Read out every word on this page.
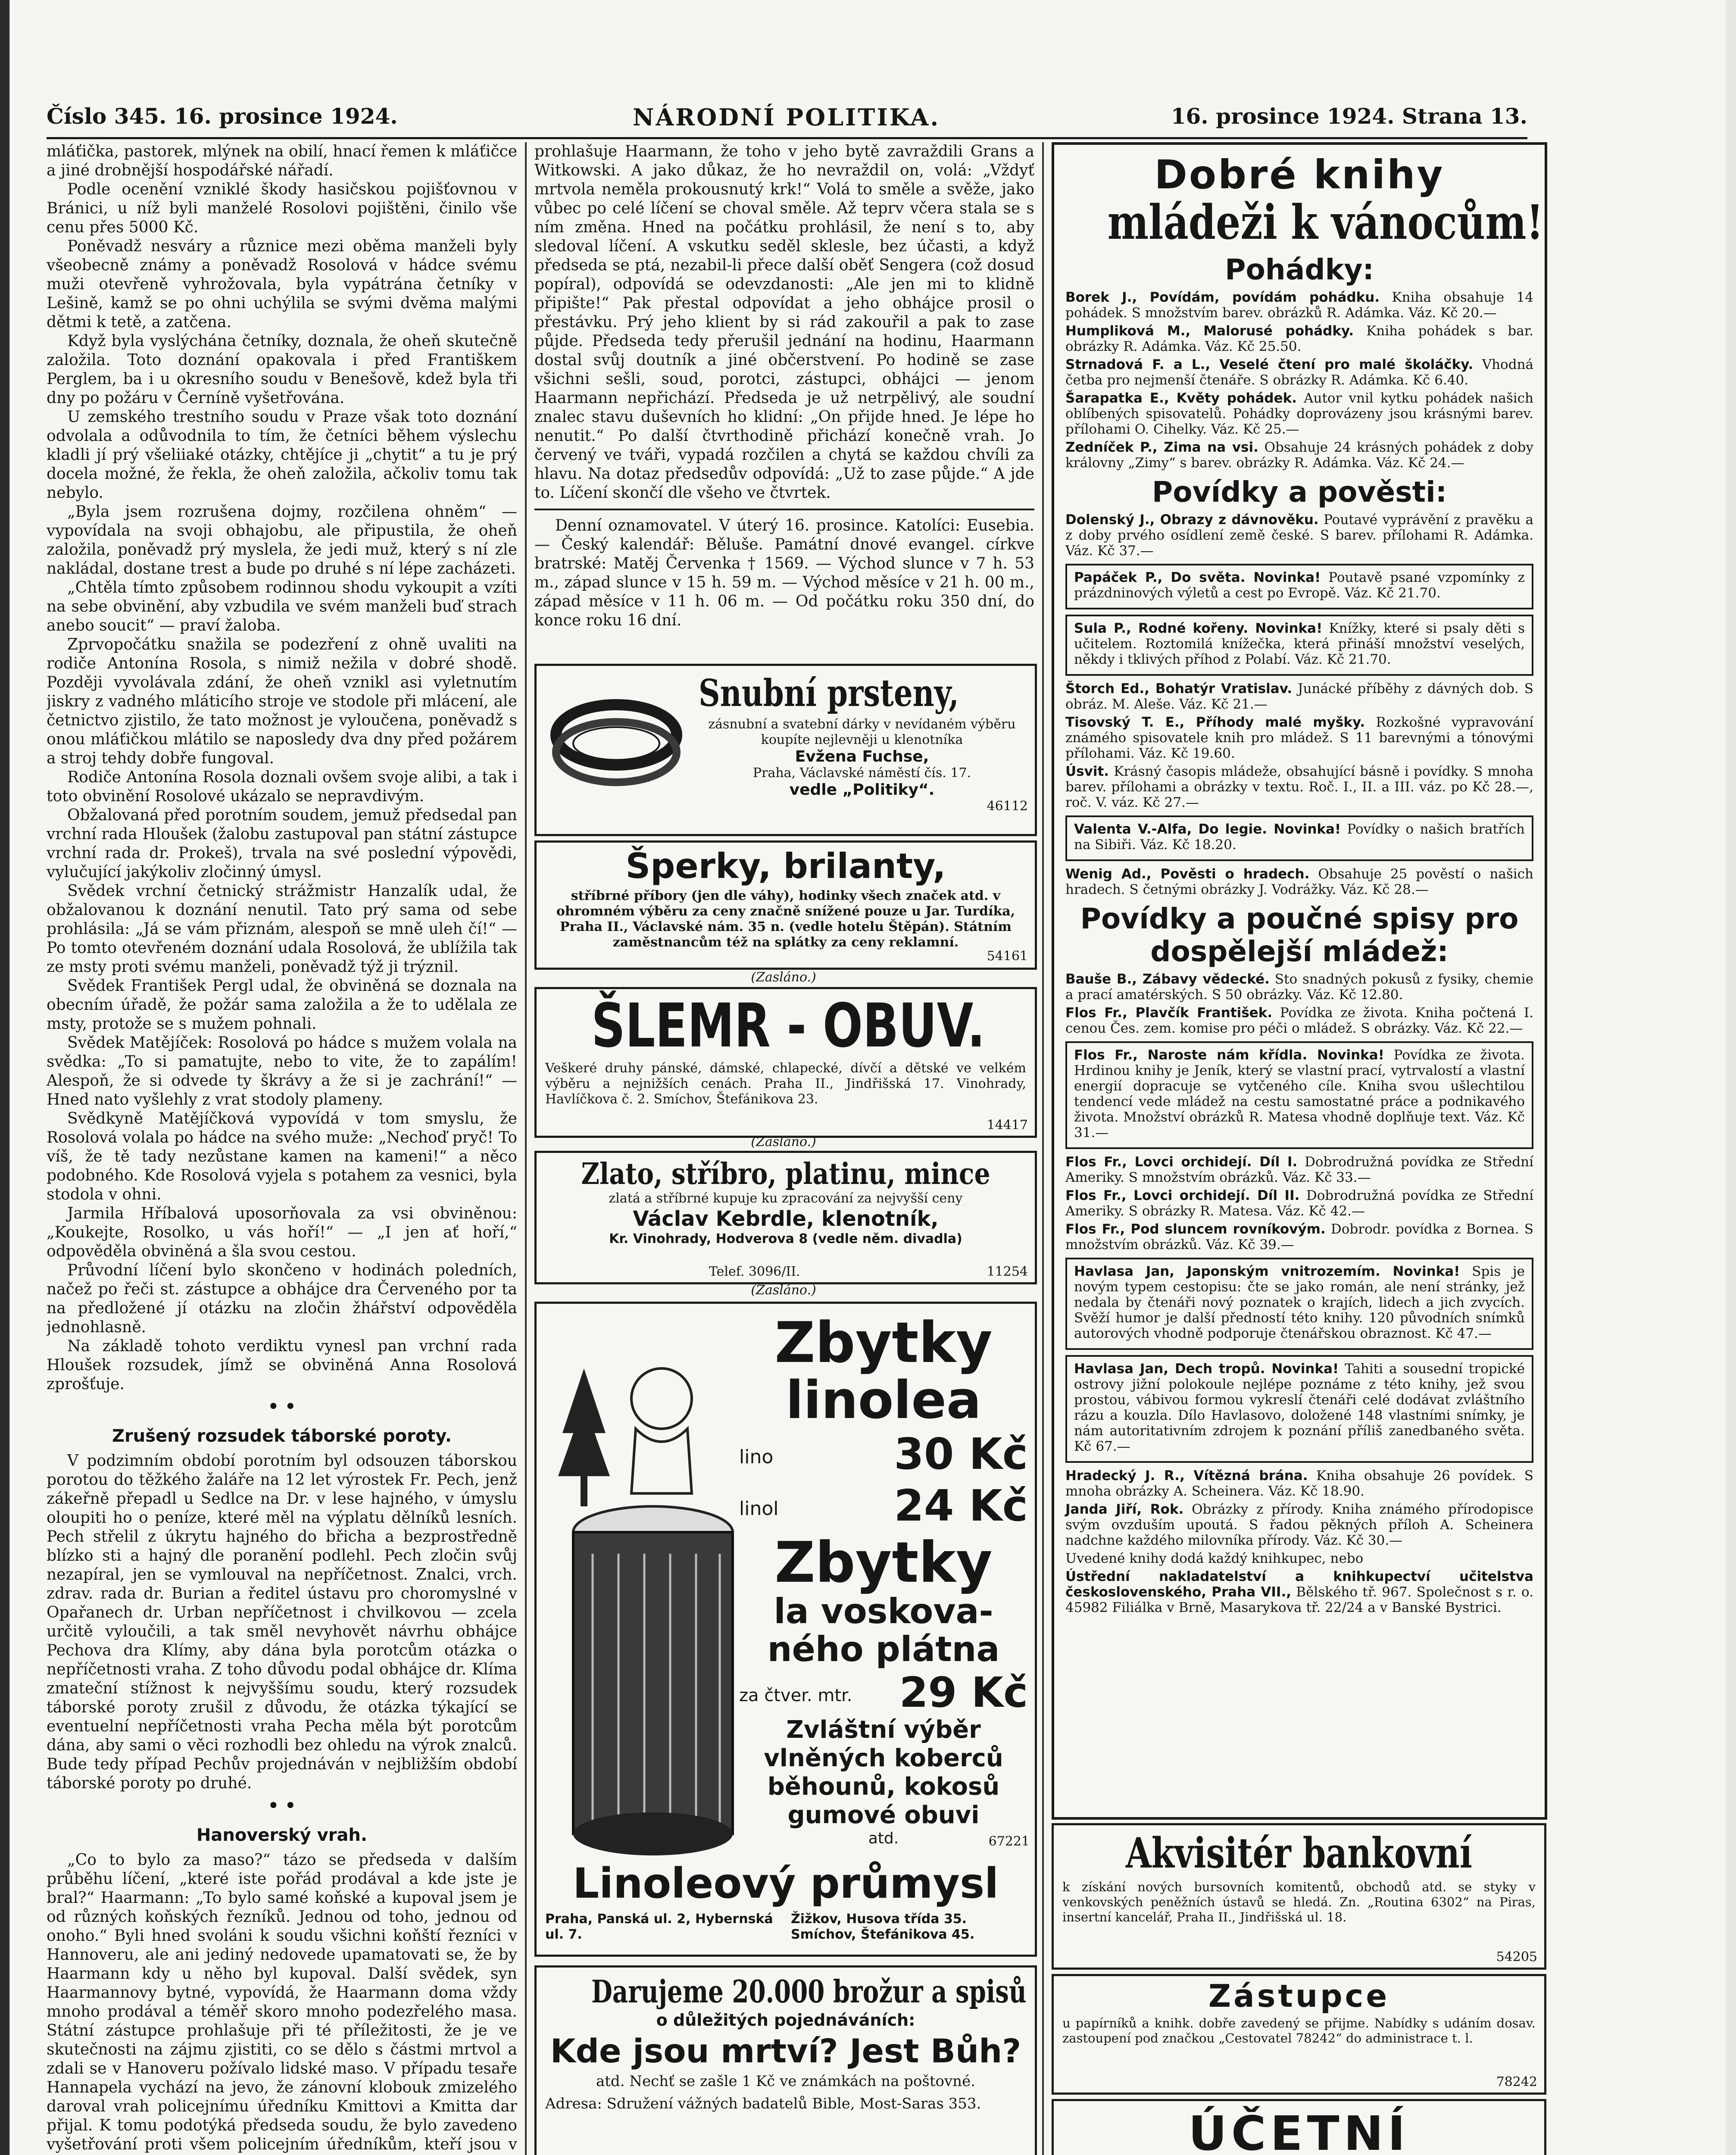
Číslo 345. 16. prosince 1924.	NÁRODNÍ POLITIKA.	16. prosince 1924. Strana 13.

mláťička, pastorek, mlýnek na obilí, hnací řemen k mláťičce a jiné drobnější hospodářské nářadí.

Podle ocenění vzniklé škody hasičskou pojišťovnou v Bránici, u níž byli manželé Rosolovi pojištěni, činilo vše cenu přes 5000 Kč.

Poněvadž nesváry a různice mezi oběma manželi byly všeobecně známy a poněvadž Rosolová v hádce svému muži otevřeně vyhrožovala, byla vypátrána četníky v Lešině, kamž se po ohni uchýlila se svými dvěma malými dětmi k tetě, a zatčena.

Když byla vyslýchána četníky, doznala, že oheň skutečně založila. Toto doznání opakovala i před Františkem Perglem, ba i u okresního soudu v Benešově, kdež byla tři dny po požáru v Černíně vyšetřována.

U zemského trestního soudu v Praze však toto doznání odvolala a odůvodnila to tím, že četníci během výslechu kladli jí prý všeliiaké otázky, chtějíce ji „chytit“ a tu je prý docela možné, že řekla, že oheň založila, ačkoliv tomu tak nebylo.

„Byla jsem rozrušena dojmy, rozčilena ohněm“ — vypovídala na svoji obhajobu, ale připustila, že oheň založila, poněvadž prý myslela, že jedi muž, který s ní zle nakládal, dostane trest a bude po druhé s ní lépe zacházeti.

„Chtěla tímto způsobem rodinnou shodu vykoupit a vzíti na sebe obvinění, aby vzbudila ve svém manželi buď strach anebo soucit“ — praví žaloba.

Zprvopočátku snažila se podezření z ohně uvaliti na rodiče Antonína Rosola, s nimiž nežila v dobré shodě. Později vyvolávala zdání, že oheň vznikl asi vyletnutím jiskry z vadného mláticího stroje ve stodole při mlácení, ale četnictvo zjistilo, že tato možnost je vyloučena, poněvadž s onou mláťičkou mlátilo se naposledy dva dny před požárem a stroj tehdy dobře fungoval.

Rodiče Antonína Rosola doznali ovšem svoje alibi, a tak i toto obvinění Rosolové ukázalo se nepravdivým.

Obžalovaná před porotním soudem, jemuž předsedal pan vrchní rada Hloušek (žalobu zastupoval pan státní zástupce vrchní rada dr. Prokeš), trvala na své poslední výpovědi, vylučující jakýkoliv zločinný úmysl.

Svědek vrchní četnický strážmistr Hanzalík udal, že obžalovanou k doznání nenutil. Tato prý sama od sebe prohlásila: „Já se vám přiznám, alespoň se mně uleh čí!“ — Po tomto otevřeném doznání udala Rosolová, že ublížila tak ze msty proti svému manželi, poněvadž týž ji trýznil.

Svědek František Pergl udal, že obviněná se doznala na obecním úřadě, že požár sama založila a že to udělala ze msty, protože se s mužem pohnali.

Svědek Matějíček: Rosolová po hádce s mužem volala na svědka: „To si pamatujte, nebo to vite, že to zapálím! Alespoň, že si odvede ty škrávy a že si je zachrání!“ — Hned nato vyšlehly z vrat stodoly plameny.

Svědkyně Matějíčková vypovídá v tom smyslu, že Rosolová volala po hádce na svého muže: „Nechoď pryč! To víš, že tě tady nezůstane kamen na kameni!“ a něco podobného. Kde Rosolová vyjela s potahem za vesnici, byla stodola v ohni.

Jarmila Hříbalová uposorňovala za vsi obviněnou: „Koukejte, Rosolko, u vás hoří!“ — „I jen ať hoří,“ odpověděla obviněná a šla svou cestou.

Průvodní líčení bylo skončeno v hodinách poledních, načež po řeči st. zástupce a obhájce dra Červeného por ta na předložené jí otázku na zločin žhářství odpověděla jednohlasně.

Na základě tohoto verdiktu vynesl pan vrchní rada Hloušek rozsudek, jímž se obviněná Anna Rosolová zprošťuje.

• •
Zrušený rozsudek táborské poroty.

V podzimním období porotním byl odsouzen táborskou porotou do těžkého žaláře na 12 let výrostek Fr. Pech, jenž zákeřně přepadl u Sedlce na Dr. v lese hajného, v úmyslu oloupiti ho o peníze, které měl na výplatu dělníků lesních. Pech střelil z úkrytu hajného do břicha a bezprostředně blízko sti a hajný dle poranění podlehl. Pech zločin svůj nezapíral, jen se vymlouval na nepříčetnost. Znalci, vrch. zdrav. rada dr. Burian a ředitel ústavu pro choromyslné v Opařanech dr. Urban nepříčetnost i chvilkovou — zcela určitě vyloučili, a tak směl nevyhovět návrhu obhájce Pechova dra Klímy, aby dána byla porotcům otázka o nepříčetnosti vraha. Z toho důvodu podal obhájce dr. Klíma zmateční stížnost k nejvyššímu soudu, který rozsudek táborské poroty zrušil z důvodu, že otázka týkající se eventuelní nepříčetnosti vraha Pecha měla být porotcům dána, aby sami o věci rozhodli bez ohledu na výrok znalců. Bude tedy případ Pechův projednáván v nejbližším období táborské poroty po druhé.

• •
Hanoverský vrah.

„Co to bylo za maso?“ tázo se předseda v dalším průběhu líčení, „které iste pořád prodával a kde jste je bral?“ Haarmann: „To bylo samé koňské a kupoval jsem je od různých koňských řezníků. Jednou od toho, jednou od onoho.“ Byli hned svoláni k soudu všichni koňští řezníci v Hannoveru, ale ani jediný nedovede upamatovati se, že by Haarmann kdy u něho byl kupoval. Další svědek, syn Haarmannovy bytné, vypovídá, že Haarmann doma vždy mnoho prodával a téměř skoro mnoho podezřelého masa. Státní zástupce prohlašuje při té příležitosti, že je ve skutečnosti na zájmu zjistiti, co se dělo s částmi mrtvol a zdali se v Hanoveru požívalo lidské maso. V případu tesaře Hannapela vychází na jevo, že zánovní klobouk zmizelého daroval vrah policejnímu úředníku Kmittovi a Kmitta dar přijal. K tomu podotýká předseda soudu, že bylo zavedeno vyšetřování proti všem policejním úředníkům, kteří jsou v

prohlašuje Haarmann, že toho v jeho bytě zavraždili Grans a Witkowski. A jako důkaz, že ho nevraždil on, volá: „Vždyť mrtvola neměla prokousnutý krk!“ Volá to směle a svěže, jako vůbec po celé líčení se choval směle. Až teprv včera stala se s ním změna. Hned na počátku prohlásil, že není s to, aby sledoval líčení. A vskutku seděl sklesle, bez účasti, a když předseda se ptá, nezabil-li přece další oběť Sengera (což dosud popíral), odpovídá se odevzdanosti: „Ale jen mi to klidně připište!“ Pak přestal odpovídat a jeho obhájce prosil o přestávku. Prý jeho klient by si rád zakouřil a pak to zase půjde. Předseda tedy přerušil jednání na hodinu, Haarmann dostal svůj doutník a jiné občerstvení. Po hodině se zase všichni sešli, soud, porotci, zástupci, obhájci — jenom Haarmann nepřichází. Předseda je už netrpělivý, ale soudní znalec stavu duševních ho klidní: „On přijde hned. Je lépe ho nenutit.“ Po další čtvrthodině přichází konečně vrah. Jo červený ve tváři, vypadá rozčilen a chytá se každou chvíli za hlavu. Na dotaz předsedův odpovídá: „Už to zase půjde.“ A jde to. Líčení skončí dle všeho ve čtvrtek.

Denní oznamovatel. V úterý 16. prosince. Katolíci: Eusebia. — Český kalendář: Běluše. Památní dnové evangel. církve bratrské: Matěj Červenka † 1569. — Východ slunce v 7 h. 53 m., západ slunce v 15 h. 59 m. — Východ měsíce v 21 h. 00 m., západ měsíce v 11 h. 06 m. — Od počátku roku 350 dní, do konce roku 16 dní.

Snubní prsteny,
zásnubní a svatební dárky v nevídaném výběru koupíte nejlevněji u klenotníka
Evžena Fuchse,
Praha, Václavské náměstí čís. 17.
vedle „Politiky“.
46112
Šperky, brilanty,
stříbrné příbory (jen dle váhy), hodinky všech značek atd. v ohromném výběru za ceny značně snížené pouze u Jar. Turdíka, Praha II., Václavské nám. 35 n. (vedle hotelu Štěpán). Státním zaměstnancům též na splátky za ceny reklamní.
54161
(Zasláno.)
ŠLEMR - OBUV.
Veškeré druhy pánské, dámské, chlapecké, dívčí a dětské ve velkém výběru a nejnižších cenách. Praha II., Jindřišská 17. Vinohrady, Havlíčkova č. 2. Smíchov, Štefánikova 23.
14417
(Zasláno.)
Zlato, stříbro, platinu, mince
zlatá a stříbrné kupuje ku zpracování za nejvyšší ceny
Václav Kebrdle, klenotník,
Kr. Vinohrady, Hodverova 8 (vedle něm. divadla)
Telef. 3096/II.	11254
(Zasláno.)
Zbytky
linolea
lino	30 Kč
linol	24 Kč
Zbytky
la voskova-
ného plátna
za čtver. mtr. 29 Kč
Zvláštní výběr vlněných koberců běhounů, kokosů gumové obuvi
atd.
Linoleový průmysl
Praha, Panská ul. 2, Hybernská ul. 7.
Žižkov, Husova třída 35. Smíchov, Štefánikova 45.
67221
Darujeme 20.000 brožur a spisů
o důležitých pojednáváních:
Kde jsou mrtví? Jest Bůh?
atd. Nechť se zašle 1 Kč ve známkách na poštovné.
Adresa: Sdružení vážných badatelů Bible, Most-Saras 353.
Dobré knihy
mládeži k vánocům!
Pohádky:

Borek J., Povídám, povídám pohádku. Kniha obsahuje 14 pohádek. S množstvím barev. obrázků R. Adámka. Váz. Kč 20.—

Humpliková M., Malorusé pohádky. Kniha pohádek s bar. obrázky R. Adámka. Váz. Kč 25.50.

Strnadová F. a L., Veselé čtení pro malé školáčky. Vhodná četba pro nejmenší čtenáře. S obrázky R. Adámka. Kč 6.40.

Šarapatka E., Květy pohádek. Autor vnil kytku pohádek našich oblíbených spisovatelů. Pohádky doprovázeny jsou krásnými barev. přílohami O. Cihelky. Váz. Kč 25.—

Zedníček P., Zima na vsi. Obsahuje 24 krásných pohádek z doby královny „Zimy“ s barev. obrázky R. Adámka. Váz. Kč 24.—

Povídky a pověsti:

Dolenský J., Obrazy z dávnověku. Poutavé vyprávění z pravěku a z doby prvého osídlení země české. S barev. přílohami R. Adámka. Váz. Kč 37.—

Papáček P., Do světa. Novinka! Poutavě psané vzpomínky z prázdninových výletů a cest po Evropě. Váz. Kč 21.70.

Sula P., Rodné kořeny. Novinka! Knížky, které si psaly děti s učitelem. Roztomilá knížečka, která přináší množství veselých, někdy i tklivých příhod z Polabí. Váz. Kč 21.70.

Štorch Ed., Bohatýr Vratislav. Junácké příběhy z dávných dob. S obráz. M. Aleše. Váz. Kč 21.—

Tisovský T. E., Příhody malé myšky. Rozkošné vypravování známého spisovatele knih pro mládež. S 11 barevnými a tónovými přílohami. Váz. Kč 19.60.

Úsvit. Krásný časopis mládeže, obsahující básně i povídky. S mnoha barev. přílohami a obrázky v textu. Roč. I., II. a III. váz. po Kč 28.—, roč. V. váz. Kč 27.—

Valenta V.-Alfa, Do legie. Novinka! Povídky o našich bratřích na Sibiři. Váz. Kč 18.20.

Wenig Ad., Pověsti o hradech. Obsahuje 25 pověstí o našich hradech. S četnými obrázky J. Vodrážky. Váz. Kč 28.—

Povídky a poučné spisy pro dospělejší mládež:

Bauše B., Zábavy vědecké. Sto snadných pokusů z fysiky, chemie a prací amatérských. S 50 obrázky. Váz. Kč 12.80.

Flos Fr., Plavčík František. Povídka ze života. Kniha počtená I. cenou Čes. zem. komise pro péči o mládež. S obrázky. Váz. Kč 22.—

Flos Fr., Naroste nám křídla. Novinka! Povídka ze života. Hrdinou knihy je Jeník, který se vlastní prací, vytrvalostí a vlastní energií dopracuje se vytčeného cíle. Kniha svou ušlechtilou tendencí vede mládež na cestu samostatné práce a podnikavého života. Množství obrázků R. Matesa vhodně doplňuje text. Váz. Kč 31.—

Flos Fr., Lovci orchidejí. Díl I. Dobrodružná povídka ze Střední Ameriky. S množstvím obrázků. Váz. Kč 33.—

Flos Fr., Lovci orchidejí. Díl II. Dobrodružná povídka ze Střední Ameriky. S obrázky R. Matesa. Váz. Kč 42.—

Flos Fr., Pod sluncem rovníkovým. Dobrodr. povídka z Bornea. S množstvím obrázků. Váz. Kč 39.—

Havlasa Jan, Japonským vnitrozemím. Novinka! Spis je novým typem cestopisu: čte se jako román, ale není stránky, jež nedala by čtenáři nový poznatek o krajích, lidech a jich zvycích. Svěží humor je další předností této knihy. 120 původních snímků autorových vhodně podporuje čtenářskou obraznost. Kč 47.—

Havlasa Jan, Dech tropů. Novinka! Tahiti a sousední tropické ostrovy jižní polokoule nejlépe poznáme z této knihy, jež svou prostou, vábivou formou vykreslí čtenáři celé dodávat zvláštního rázu a kouzla. Dílo Havlasovo, doložené 148 vlastními snímky, je nám autoritativním zdrojem k poznání příliš zanedbaného světa. Kč 67.—

Hradecký J. R., Vítězná brána. Kniha obsahuje 26 povídek. S mnoha obrázky A. Scheinera. Váz. Kč 18.90.

Janda Jiří, Rok. Obrázky z přírody. Kniha známého přírodopisce svým ovzduším upoutá. S řadou pěkných příloh A. Scheinera nadchne každého milovníka přírody. Váz. Kč 30.—

Uvedené knihy dodá každý knihkupec, nebo

Ústřední nakladatelství a knihkupectví učitelstva československého, Praha VII., Bělského tř. 967. Společnost s r. o. 45982 Filiálka v Brně, Masarykova tř. 22/24 a v Banské Bystrici.

Akvisitér bankovní
k získání nových bursovních komitentů, obchodů atd. se styky v venkovských peněžních ústavů se hledá. Zn. „Routina 6302“ na Piras, insertní kancelář, Praha II., Jindřišská ul. 18.
54205
Zástupce
u papírníků a knihk. dobře zavedený se přijme. Nabídky s udáním dosav. zastoupení pod značkou „Cestovatel 78242“ do administrace t. l.
78242
ÚČETNÍ
